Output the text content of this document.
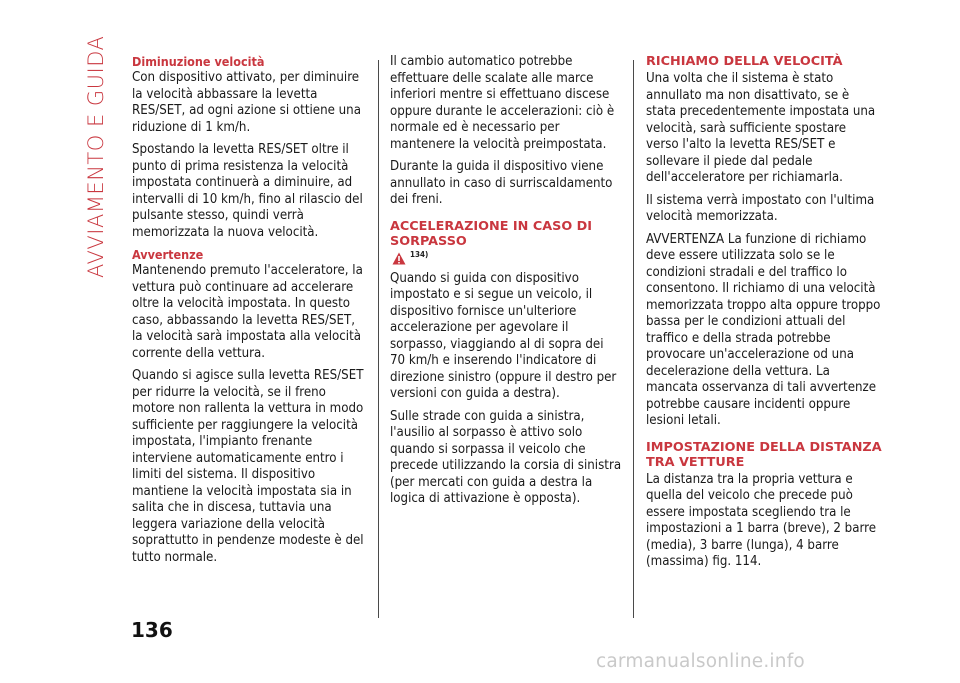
AVVIAMENTO E GUIDA Diminuzione velocità

Con dispositivo attivato, per diminuire la velocità abbassare la levetta RES/SET, ad ogni azione si ottiene una riduzione di 1 km/h.

Spostando la levetta RES/SET oltre il punto di prima resistenza la velocità impostata continuerà a diminuire, ad intervalli di 10 km/h, fino al rilascio del pulsante stesso, quindi verrà memorizzata la nuova velocità.

Avvertenze

Mantenendo premuto l'acceleratore, la vettura può continuare ad accelerare oltre la velocità impostata. In questo caso, abbassando la levetta RES/SET, la velocità sarà impostata alla velocità corrente della vettura.

Quando si agisce sulla levetta RES/SET per ridurre la velocità, se il freno motore non rallenta la vettura in modo sufficiente per raggiungere la velocità impostata, l'impianto frenante interviene automaticamente entro i limiti del sistema. Il dispositivo mantiene la velocità impostata sia in salita che in discesa, tuttavia una leggera variazione della velocità soprattutto in pendenze modeste è del tutto normale.

Il cambio automatico potrebbe effettuare delle scalate alle marce inferiori mentre si effettuano discese oppure durante le accelerazioni: ciò è normale ed è necessario per mantenere la velocità preimpostata.

Durante la guida il dispositivo viene annullato in caso di surriscaldamento dei freni.

ACCELERAZIONE IN CASO DI SORPASSO
134)

Quando si guida con dispositivo impostato e si segue un veicolo, il dispositivo fornisce un'ulteriore accelerazione per agevolare il sorpasso, viaggiando al di sopra dei 70 km/h e inserendo l'indicatore di direzione sinistro (oppure il destro per versioni con guida a destra).

Sulle strade con guida a sinistra, l'ausilio al sorpasso è attivo solo quando si sorpassa il veicolo che precede utilizzando la corsia di sinistra (per mercati con guida a destra la logica di attivazione è opposta).

RICHIAMO DELLA VELOCITÀ

Una volta che il sistema è stato annullato ma non disattivato, se è stata precedentemente impostata una velocità, sarà sufficiente spostare verso l'alto la levetta RES/SET e sollevare il piede dal pedale dell'acceleratore per richiamarla.

Il sistema verrà impostato con l'ultima velocità memorizzata.

AVVERTENZA La funzione di richiamo deve essere utilizzata solo se le condizioni stradali e del traffico lo consentono. Il richiamo di una velocità memorizzata troppo alta oppure troppo bassa per le condizioni attuali del traffico e della strada potrebbe provocare un'accelerazione od una decelerazione della vettura. La mancata osservanza di tali avvertenze potrebbe causare incidenti oppure lesioni letali.

IMPOSTAZIONE DELLA DISTANZA TRA VETTURE

La distanza tra la propria vettura e quella del veicolo che precede può essere impostata scegliendo tra le impostazioni a 1 barra (breve), 2 barre (media), 3 barre (lunga), 4 barre (massima) fig. 114.

136
carmanualsonline.info
